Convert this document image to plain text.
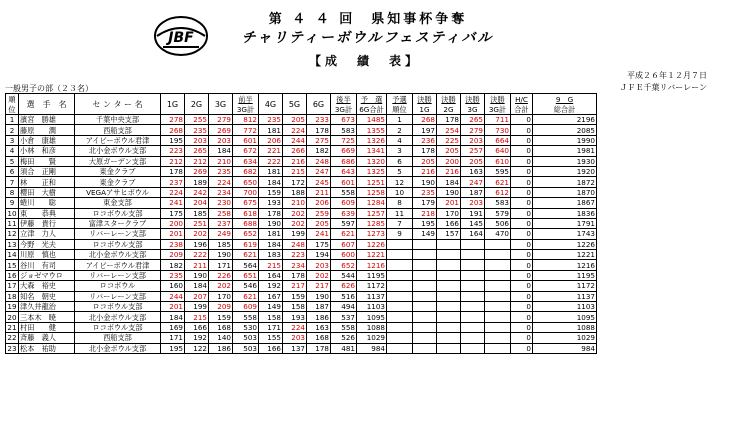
JBF
第 ４ ４ 回　県知事杯争奪
チャリティーボウルフェスティバル
【成　績　表】
平成２６年１２月７日
ＪＦＥ千葉リバーレーン
一般男子の部（２３名）
順	選　手　名	セ ン タ ー 名	1G	2G	3G	前半	4G	5G	6G	後半	予　選	予選	決勝	決勝	決勝	決勝	H/C	9　G
位						3G計				3G計	6G合計	順位	1G	2G	3G	3G計	合計	総合計
1	濱宮　勝雄	千葉中央支部	278	255	279	812	235	205	233	673	1485	1	268	178	265	711	0	2196
2	藤原　　潤	西船支部	268	235	269	772	181	224	178	583	1355	2	197	254	279	730	0	2085
3	小倉　康雄	アイビーボウル君津	195	203	203	601	206	244	275	725	1326	4	236	225	203	664	0	1990
4	小林　和彦	北小金ボウル支部	223	265	184	672	221	266	182	669	1341	3	178	205	257	640	0	1981
5	梅田　　賢	大原ガーデン支部	212	212	210	634	222	216	248	686	1320	6	205	200	205	610	0	1930
6	須合　正剛	東金クラブ	178	269	235	682	181	215	247	643	1325	5	216	216	163	595	0	1920
7	林　　正和	東金クラブ	237	189	224	650	184	172	245	601	1251	12	190	184	247	621	0	1872
8	櫻田　大樹	VEGAアサヒボウル	224	242	234	700	159	188	211	558	1258	10	235	190	187	612	0	1870
9	蜷川　　聡	東金支部	241	204	230	675	193	210	206	609	1284	8	179	201	203	583	0	1867
10	東　　恭典	ロコボウル支部	175	185	258	618	178	202	259	639	1257	11	218	170	191	579	0	1836
11	伊藤　貴行	富津スタークラブ	200	251	237	688	190	202	205	597	1285	7	195	166	145	506	0	1791
12	立津　力人	リバーレーン支部	201	202	249	652	181	199	241	621	1273	9	149	157	164	470	0	1743
13	今野　光夫	ロコボウル支部	238	196	185	619	184	248	175	607	1226						0	1226
14	川原　慎也	北小金ボウル支部	209	222	190	621	183	223	194	600	1221						0	1221
15	谷川　有司	アイビーボウル君津	182	211	171	564	215	234	203	652	1216						0	1216
16	ジョゼマウロ	リバーレーン支部	235	190	226	651	164	178	202	544	1195						0	1195
17	大森　裕史	ロコボウル	160	184	202	546	192	217	217	626	1172						0	1172
18	知名　朝史	リバーレーン支部	244	207	170	621	167	159	190	516	1137						0	1137
19	津久井龍治	ロコボウル支部	201	199	209	609	149	158	187	494	1103						0	1103
20	三本木　暁	北小金ボウル支部	184	215	159	558	158	193	186	537	1095						0	1095
21	村田　　健	ロコボウル支部	169	166	168	530	171	224	163	558	1088						0	1088
22	斉藤　義人	西船支部	171	192	140	503	155	203	168	526	1029						0	1029
23	松本　祐助	北小金ボウル支部	195	122	186	503	166	137	178	481	984						0	984
